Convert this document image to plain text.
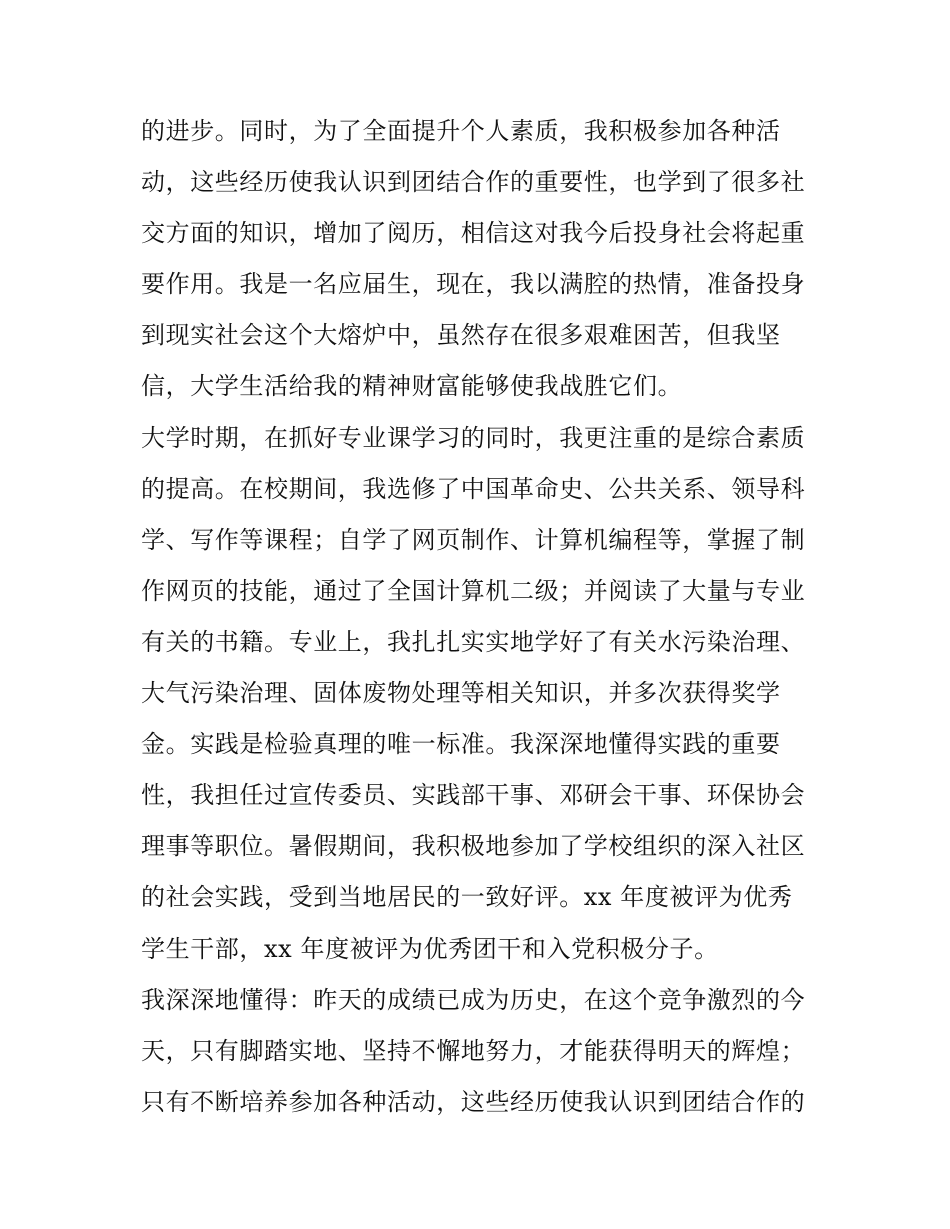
的进步。同时，为了全面提升个人素质，我积极参加各种活
动，这些经历使我认识到团结合作的重要性，也学到了很多社
交方面的知识，增加了阅历，相信这对我今后投身社会将起重
要作用。我是一名应届生，现在，我以满腔的热情，准备投身
到现实社会这个大熔炉中，虽然存在很多艰难困苦，但我坚
信，大学生活给我的精神财富能够使我战胜它们。
大学时期，在抓好专业课学习的同时，我更注重的是综合素质
的提高。在校期间，我选修了中国革命史、公共关系、领导科
学、写作等课程；自学了网页制作、计算机编程等，掌握了制
作网页的技能，通过了全国计算机二级；并阅读了大量与专业
有关的书籍。专业上，我扎扎实实地学好了有关水污染治理、
大气污染治理、固体废物处理等相关知识，并多次获得奖学
金。实践是检验真理的唯一标准。我深深地懂得实践的重要
性，我担任过宣传委员、实践部干事、邓研会干事、环保协会
理事等职位。暑假期间，我积极地参加了学校组织的深入社区
的社会实践，受到当地居民的一致好评。xx 年度被评为优秀
学生干部，xx 年度被评为优秀团干和入党积极分子。
我深深地懂得：昨天的成绩已成为历史，在这个竞争激烈的今
天，只有脚踏实地、坚持不懈地努力，才能获得明天的辉煌；
只有不断培养参加各种活动，这些经历使我认识到团结合作的
